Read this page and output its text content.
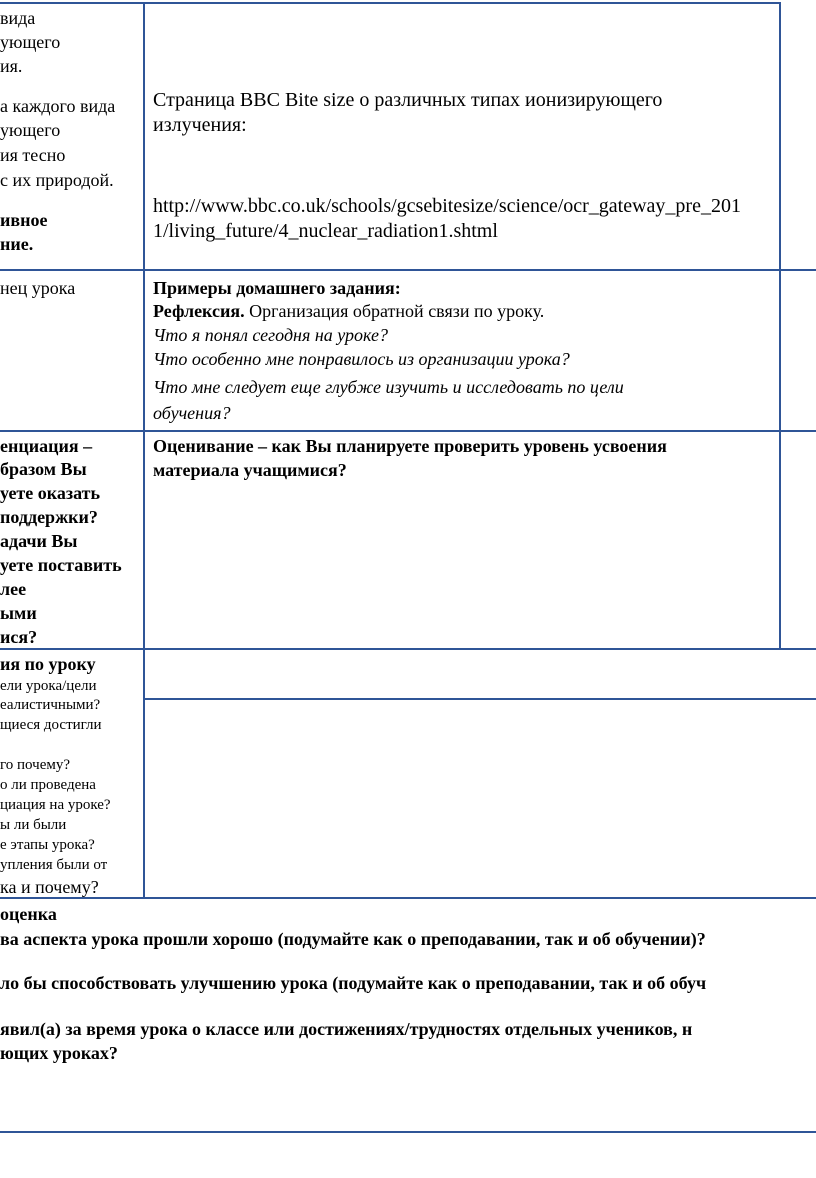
вида
ующего
ия.
а каждого вида
ующего
ия тесно
с их природой.
ивное
ние.
Страница BBC Bite size о различных типах ионизирующего
излучения:
http://www.bbc.co.uk/schools/gcsebitesize/science/ocr_gateway_pre_201
1/living_future/4_nuclear_radiation1.shtml
нец урока	Примеры домашнего задания:
Рефлексия. Организация обратной связи по уроку.
Что я понял сегодня на уроке?
Что особенно мне понравилось из организации урока?
Что мне следует еще глубже изучить и исследовать по цели
обучения?
енциация –
бразом Вы
уете оказать
поддержки?
адачи Вы
уете поставить
лее
ыми
ися?
Оценивание – как Вы планируете проверить уровень усвоения
материала учащимися?
ия по уроку
ели урока/цели
еалистичными?
щиеся достигли
го почему?
о ли проведена
циация на уроке?
ы ли были
е этапы урока?
упления были от
ка и почему?
оценка
ва аспекта урока прошли хорошо (подумайте как о преподавании, так и об обучении)?
ло бы способствовать улучшению урока (подумайте как о преподавании, так и об обуч
явил(а) за время урока о классе или достижениях/трудностях отдельных учеников, н
ющих уроках?
